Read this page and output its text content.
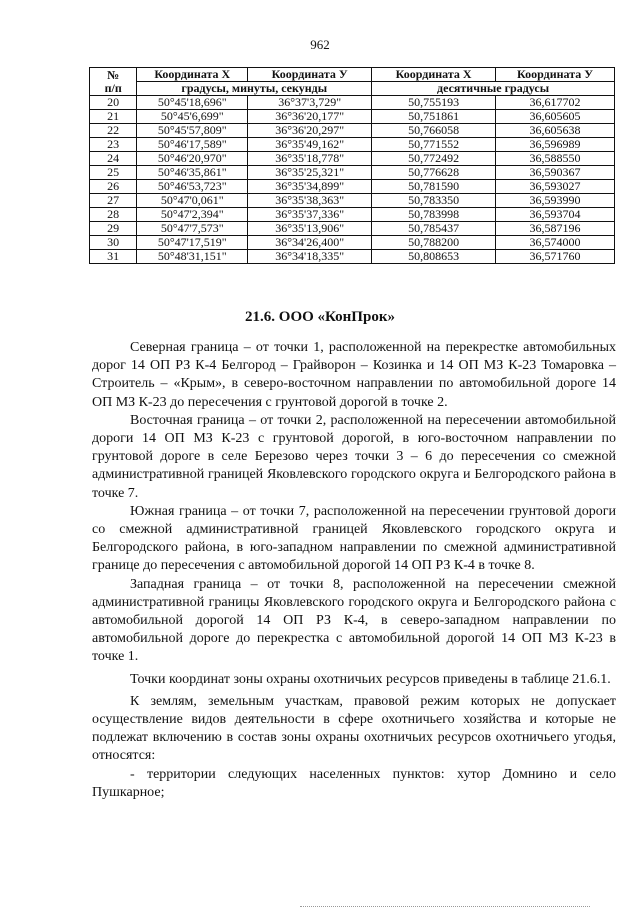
962
№
п/п	Координата X	Координата У	Координата X	Координата У
	градусы, минуты, секунды		десятичные градусы	
20	50°45'18,696"	36°37'3,729"	50,755193	36,617702
21	50°45'6,699"	36°36'20,177"	50,751861	36,605605
22	50°45'57,809"	36°36'20,297"	50,766058	36,605638
23	50°46'17,589"	36°35'49,162"	50,771552	36,596989
24	50°46'20,970"	36°35'18,778"	50,772492	36,588550
25	50°46'35,861"	36°35'25,321"	50,776628	36,590367
26	50°46'53,723"	36°35'34,899"	50,781590	36,593027
27	50°47'0,061"	36°35'38,363"	50,783350	36,593990
28	50°47'2,394"	36°35'37,336"	50,783998	36,593704
29	50°47'7,573"	36°35'13,906"	50,785437	36,587196
30	50°47'17,519"	36°34'26,400"	50,788200	36,574000
31	50°48'31,151"	36°34'18,335"	50,808653	36,571760
21.6. ООО «КонПрок»

Северная граница – от точки 1, расположенной на перекрестке автомобильных дорог 14 ОП РЗ К-4 Белгород – Грайворон – Козинка и 14 ОП МЗ К-23 Томаровка – Строитель – «Крым», в северо-восточном направлении по автомобильной дороге 14 ОП МЗ К-23 до пересечения с грунтовой дорогой в точке 2.

Восточная граница – от точки 2, расположенной на пересечении автомобильной дороги 14 ОП МЗ К-23 с грунтовой дорогой, в юго-восточном направлении по грунтовой дороге в селе Березово через точки 3 – 6 до пересечения со смежной административной границей Яковлевского городского округа и Белгородского района в точке 7.

Южная граница – от точки 7, расположенной на пересечении грунтовой дороги со смежной административной границей Яковлевского городского округа и Белгородского района, в юго-западном направлении по смежной административной границе до пересечения с автомобильной дорогой 14 ОП РЗ К-4 в точке 8.

Западная граница – от точки 8, расположенной на пересечении смежной административной границы Яковлевского городского округа и Белгородского района с автомобильной дорогой 14 ОП РЗ К-4, в северо-западном направлении по автомобильной дороге до перекрестка с автомобильной дорогой 14 ОП МЗ К-23 в точке 1.

Точки координат зоны охраны охотничьих ресурсов приведены в таблице 21.6.1.

К землям, земельным участкам, правовой режим которых не допускает осуществление видов деятельности в сфере охотничьего хозяйства и которые не подлежат включению в состав зоны охраны охотничьих ресурсов охотничьего угодья, относятся:

- территории следующих населенных пунктов: хутор Домнино и село Пушкарное;
